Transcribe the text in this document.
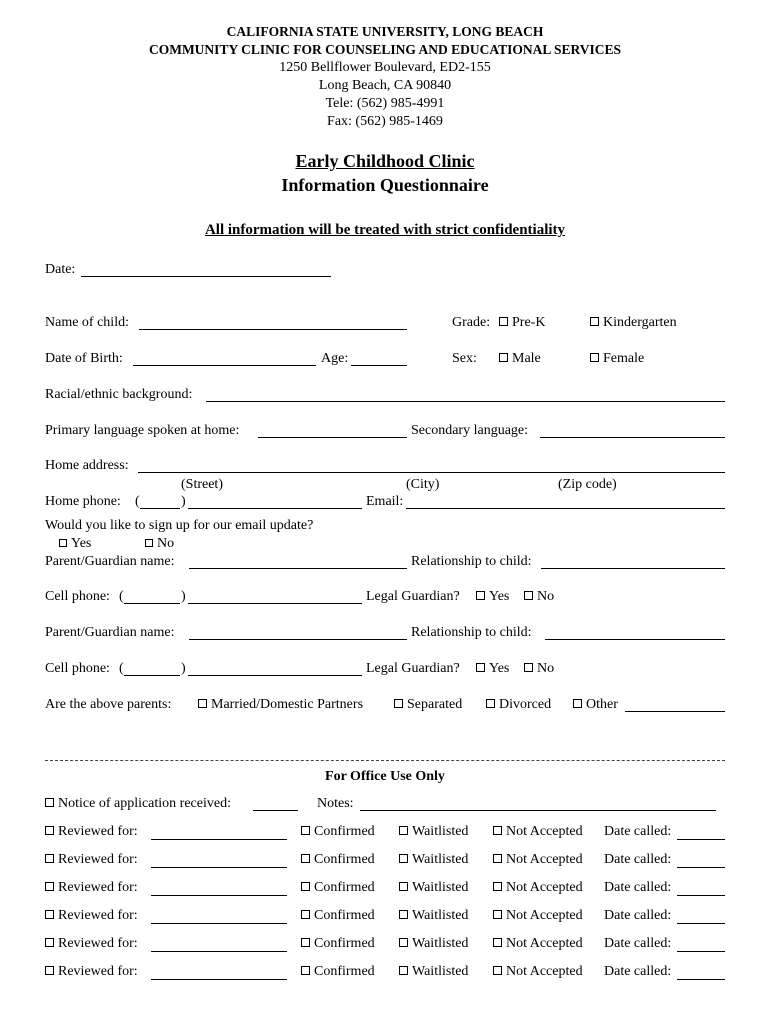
CALIFORNIA STATE UNIVERSITY, LONG BEACH
COMMUNITY CLINIC FOR COUNSELING AND EDUCATIONAL SERVICES
1250 Bellflower Boulevard, ED2-155
Long Beach, CA 90840
Tele: (562) 985-4991
Fax: (562) 985-1469
Early Childhood Clinic
Information Questionnaire
All information will be treated with strict confidentiality
Date:
Name of child:	Grade:	Pre-K	Kindergarten
Date of Birth:	Age:	Sex:	Male	Female
Racial/ethnic background:
Primary language spoken at home:	Secondary language:
Home address:
(Street)	(City)	(Zip code)
Home phone: (	)	Email:
Would you like to sign up for our email update?
Yes	No
Parent/Guardian name:	Relationship to child:
Cell phone: (	)	Legal Guardian?	Yes	No
Parent/Guardian name:	Relationship to child:
Cell phone: (	)	Legal Guardian?	Yes	No
Are the above parents:	Married/Domestic Partners	Separated	Divorced	Other
For Office Use Only
Notice of application received:	Notes:
Reviewed for:	Confirmed	Waitlisted	Not Accepted Date called:
Reviewed for:	Confirmed	Waitlisted	Not Accepted Date called:
Reviewed for:	Confirmed	Waitlisted	Not Accepted Date called:
Reviewed for:	Confirmed	Waitlisted	Not Accepted Date called:
Reviewed for:	Confirmed	Waitlisted	Not Accepted Date called:
Reviewed for:	Confirmed	Waitlisted	Not Accepted Date called:
